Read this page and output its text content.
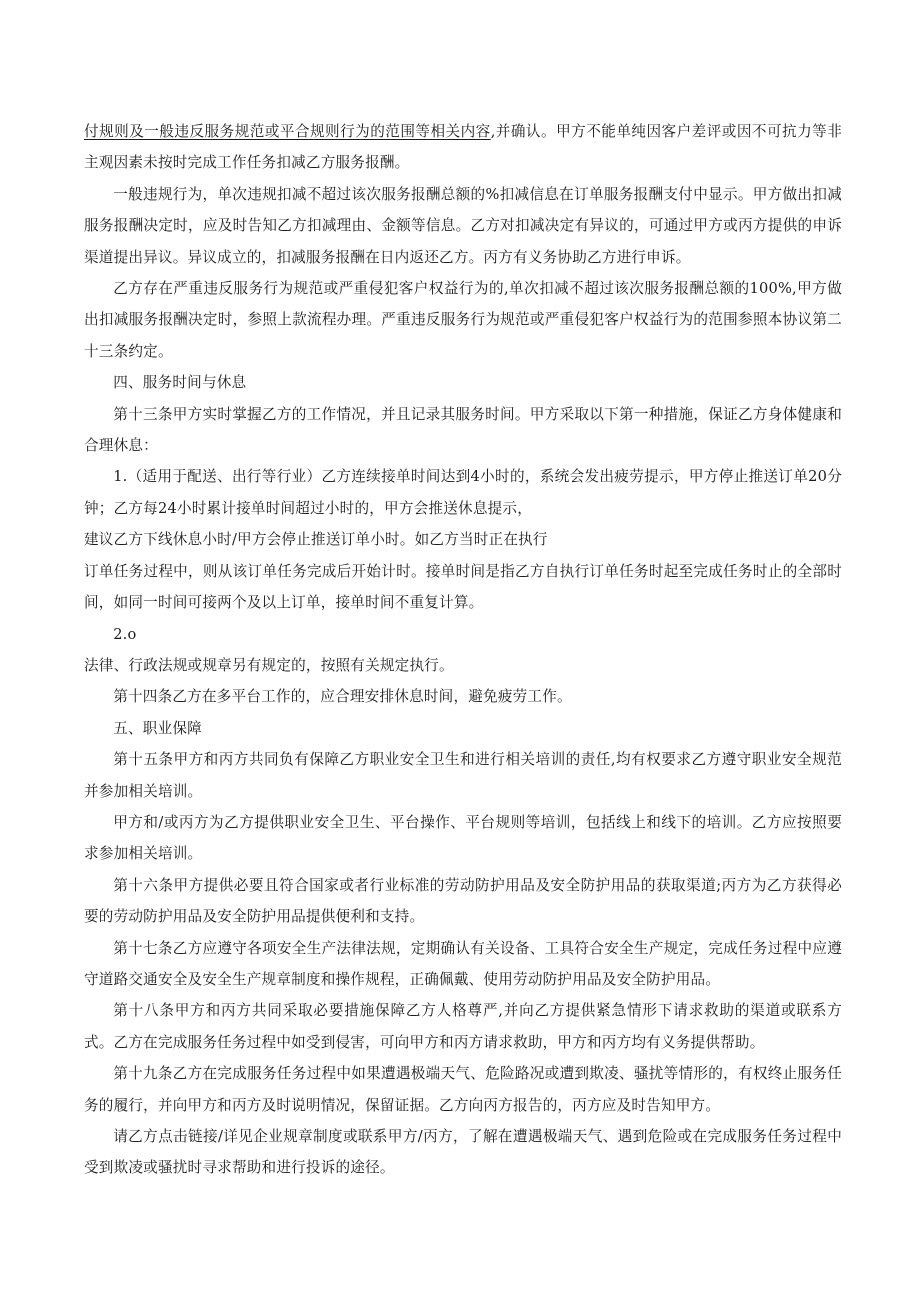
付规则及一般违反服务规范或平合规则行为的范围等相关内容,并确认。甲方不能单纯因客户差评或因不可抗力等非主观因素未按时完成工作任务扣减乙方服务报酬。

一般违规行为，单次违规扣减不超过该次服务报酬总额的%扣减信息在订单服务报酬支付中显示。甲方做出扣减服务报酬决定时，应及时告知乙方扣减理由、金额等信息。乙方对扣减决定有异议的，可通过甲方或丙方提供的申诉渠道提出异议。异议成立的，扣减服务报酬在日内返还乙方。丙方有义务协助乙方进行申诉。

乙方存在严重违反服务行为规范或严重侵犯客户权益行为的,单次扣减不超过该次服务报酬总额的100%,甲方做出扣减服务报酬决定时，参照上款流程办理。严重违反服务行为规范或严重侵犯客户权益行为的范围参照本协议第二十三条约定。

四、服务时间与休息

第十三条甲方实时掌握乙方的工作情况，并且记录其服务时间。甲方采取以下第一种措施，保证乙方身体健康和合理休息：

1.（适用于配送、出行等行业）乙方连续接单时间达到4小时的，系统会发出疲劳提示，甲方停止推送订单20分钟；乙方每24小时累计接单时间超过小时的，甲方会推送休息提示，

建议乙方下线休息小时/甲方会停止推送订单小时。如乙方当时正在执行

订单任务过程中，则从该订单任务完成后开始计时。接单时间是指乙方自执行订单任务时起至完成任务时止的全部时间，如同一时间可接两个及以上订单，接单时间不重复计算。

2.o

法律、行政法规或规章另有规定的，按照有关规定执行。

第十四条乙方在多平台工作的，应合理安排休息时间，避免疲劳工作。

五、职业保障

第十五条甲方和丙方共同负有保障乙方职业安全卫生和进行相关培训的责任,均有权要求乙方遵守职业安全规范并参加相关培训。

甲方和/或丙方为乙方提供职业安全卫生、平台操作、平台规则等培训，包括线上和线下的培训。乙方应按照要求参加相关培训。

第十六条甲方提供必要且符合国家或者行业标准的劳动防护用品及安全防护用品的获取渠道;丙方为乙方获得必要的劳动防护用品及安全防护用品提供便利和支持。

第十七条乙方应遵守各项安全生产法律法规，定期确认有关设备、工具符合安全生产规定，完成任务过程中应遵守道路交通安全及安全生产规章制度和操作规程，正确佩戴、使用劳动防护用品及安全防护用品。

第十八条甲方和丙方共同采取必要措施保障乙方人格尊严,并向乙方提供紧急情形下请求救助的渠道或联系方式。乙方在完成服务任务过程中如受到侵害，可向甲方和丙方请求救助，甲方和丙方均有义务提供帮助。

第十九条乙方在完成服务任务过程中如果遭遇极端天气、危险路况或遭到欺凌、骚扰等情形的，有权终止服务任务的履行，并向甲方和丙方及时说明情况，保留证据。乙方向丙方报告的，丙方应及时告知甲方。

请乙方点击链接/详见企业规章制度或联系甲方/丙方，了解在遭遇极端天气、遇到危险或在完成服务任务过程中受到欺凌或骚扰时寻求帮助和进行投诉的途径。
